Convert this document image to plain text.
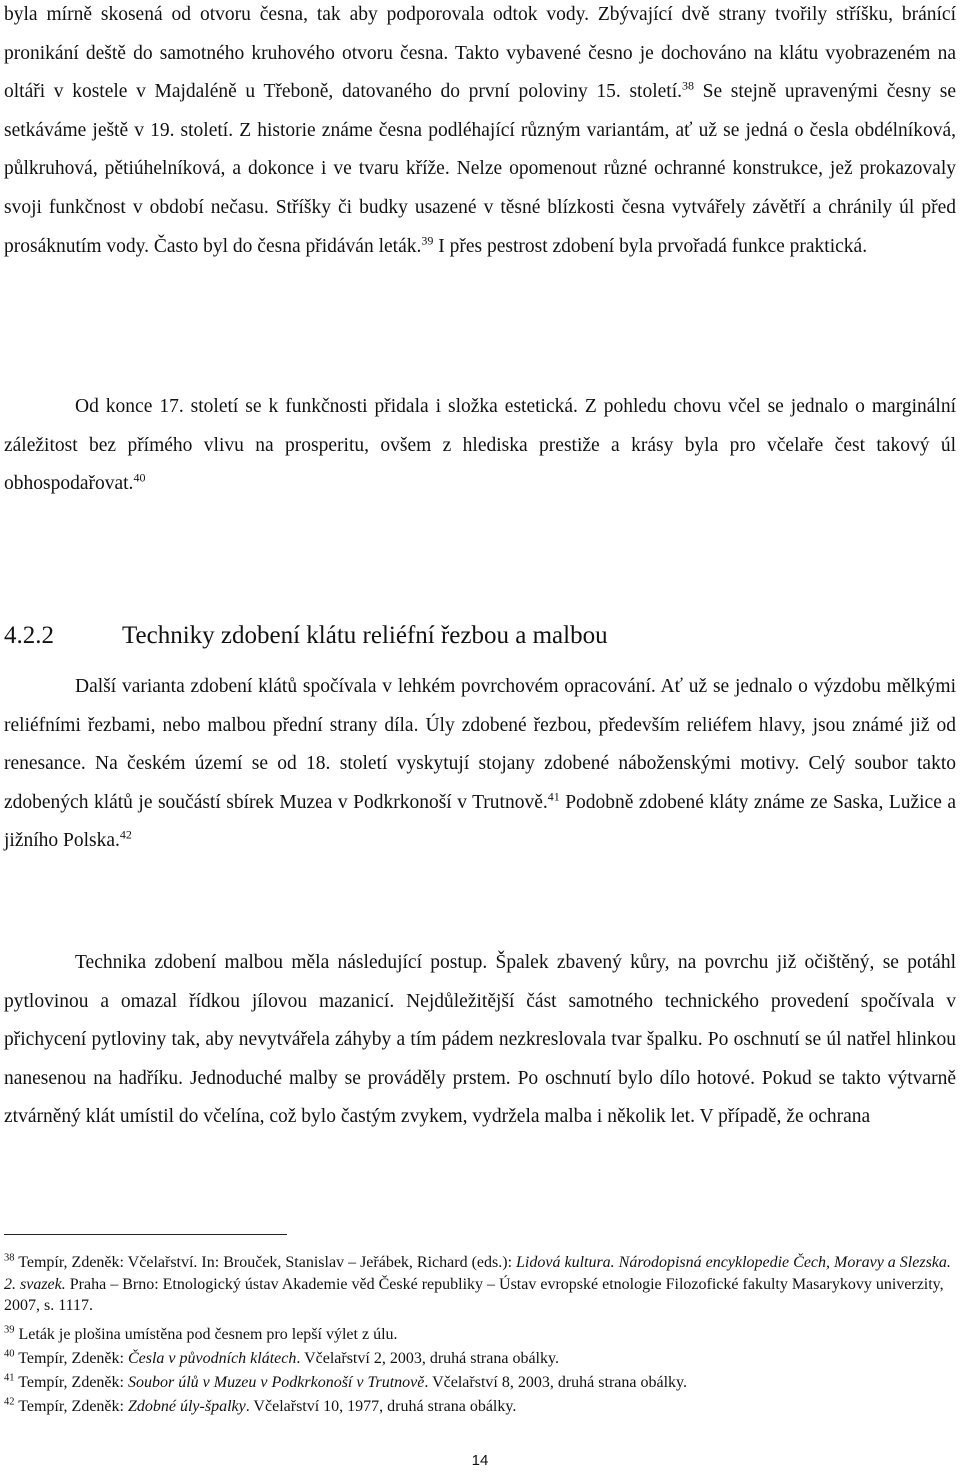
byla mírně skosená od otvoru česna, tak aby podporovala odtok vody. Zbývající dvě strany tvořily stříšku, bránící pronikání deště do samotného kruhového otvoru česna. Takto vybavené česno je dochováno na klátu vyobrazeném na oltáři v kostele v Majdaléně u Třeboně, datovaného do první poloviny 15. století.$^{38}$ Se stejně upravenými česny se setkáváme ještě v 19. století. Z historie známe česna podléhající různým variantám, ať už se jedná o česla obdélníková, půlkruhová, pětiúhelníková, a dokonce i ve tvaru kříže. Nelze opomenout různé ochranné konstrukce, jež prokazovaly svoji funkčnost v období nečasu. Stříšky či budky usazené v těsné blízkosti česna vytvářely závětří a chránily úl před prosáknutím vody. Často byl do česna přidáván leták.$^{39}$ I přes pestrost zdobení byla prvořadá funkce praktická.

Od konce 17. století se k funkčnosti přidala i složka estetická. Z pohledu chovu včel se jednalo o marginální záležitost bez přímého vlivu na prosperitu, ovšem z hlediska prestiže a krásy byla pro včelaře čest takový úl obhospodařovat.$^{40}$

4.2.2	Techniky zdobení klátu reliéfní řezbou a malbou

Další varianta zdobení klátů spočívala v lehkém povrchovém opracování. Ať už se jednalo o výzdobu mělkými reliéfními řezbami, nebo malbou přední strany díla. Úly zdobené řezbou, především reliéfem hlavy, jsou známé již od renesance. Na českém území se od 18. století vyskytují stojany zdobené náboženskými motivy. Celý soubor takto zdobených klátů je součástí sbírek Muzea v Podkrkonoší v Trutnově.$^{41}$ Podobně zdobené kláty známe ze Saska, Lužice a jižního Polska.$^{42}$

Technika zdobení malbou měla následující postup. Špalek zbavený kůry, na povrchu již očištěný, se potáhl pytlovinou a omazal řídkou jílovou mazanicí. Nejdůležitější část samotného technického provedení spočívala v přichycení pytloviny tak, aby nevytvářela záhyby a tím pádem nezkreslovala tvar špalku. Po oschnutí se úl natřel hlinkou nanesenou na hadříku. Jednoduché malby se prováděly prstem. Po oschnutí bylo dílo hotové. Pokud se takto výtvarně ztvárněný klát umístil do včelína, což bylo častým zvykem, vydržela malba i několik let. V případě, že ochrana

$^{38}$ Tempír, Zdeněk: Včelařství. In: Brouček, Stanislav – Jeřábek, Richard (eds.): Lidová kultura. Národopisná encyklopedie Čech, Moravy a Slezska. 2. svazek. Praha – Brno: Etnologický ústav Akademie věd České republiky – Ústav evropské etnologie Filozofické fakulty Masarykovy univerzity, 2007, s. 1117.

$^{39}$ Leták je plošina umístěna pod česnem pro lepší výlet z úlu.

$^{40}$ Tempír, Zdeněk: Česla v původních klátech. Včelařství 2, 2003, druhá strana obálky.

$^{41}$ Tempír, Zdeněk: Soubor úlů v Muzeu v Podkrkonoší v Trutnově. Včelařství 8, 2003, druhá strana obálky.

$^{42}$ Tempír, Zdeněk: Zdobné úly-špalky. Včelařství 10, 1977, druhá strana obálky.

14
